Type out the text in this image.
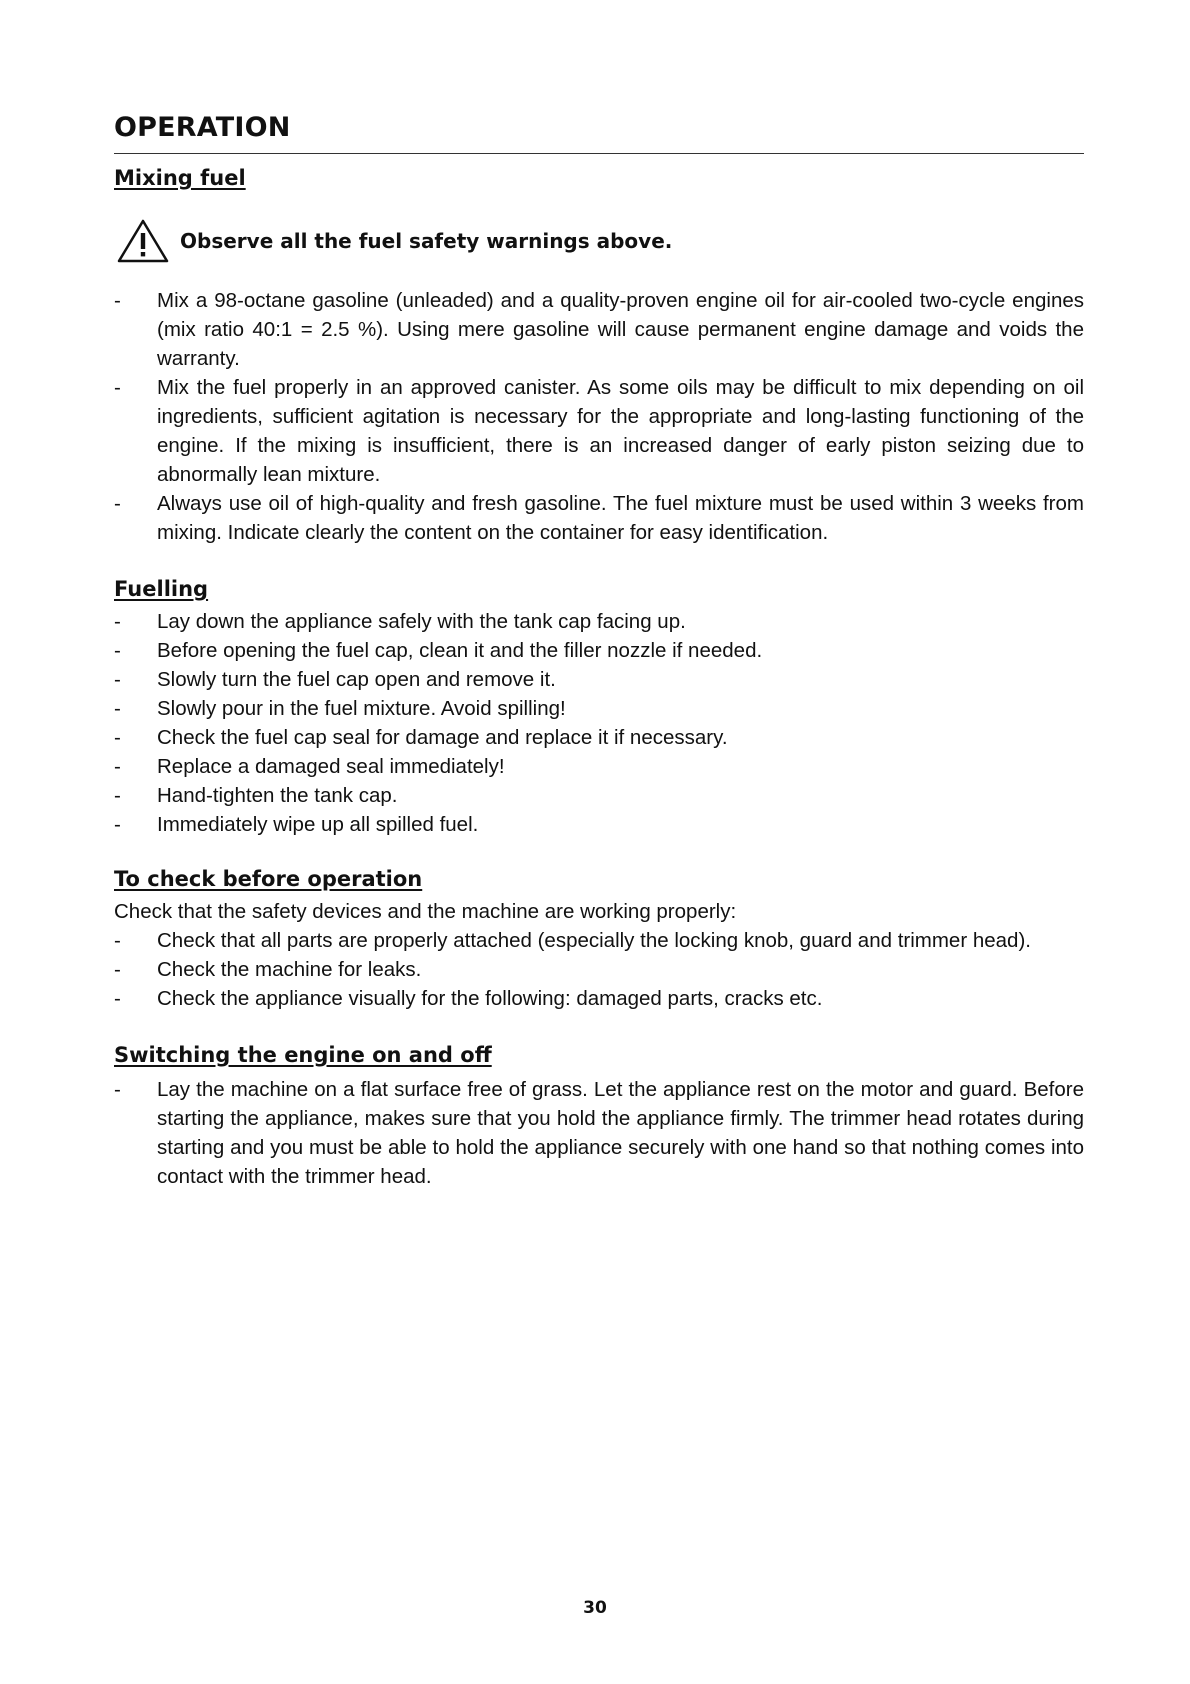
OPERATION
Mixing fuel
Observe all the fuel safety warnings above.
- Mix a 98-octane gasoline (unleaded) and a quality-proven engine oil for air-cooled two-cycle engines (mix ratio 40:1 = 2.5 %). Using mere gasoline will cause permanent engine damage and voids the warranty.
- Mix the fuel properly in an approved canister. As some oils may be difficult to mix depending on oil ingredients, sufficient agitation is necessary for the appropriate and long-lasting functioning of the engine. If the mixing is insufficient, there is an increased danger of early piston seizing due to abnormally lean mixture.
- Always use oil of high-quality and fresh gasoline. The fuel mixture must be used within 3 weeks from mixing. Indicate clearly the content on the container for easy identification.
Fuelling
- Lay down the appliance safely with the tank cap facing up.
- Before opening the fuel cap, clean it and the filler nozzle if needed.
- Slowly turn the fuel cap open and remove it.
- Slowly pour in the fuel mixture. Avoid spilling!
- Check the fuel cap seal for damage and replace it if necessary.
- Replace a damaged seal immediately!
- Hand-tighten the tank cap.
- Immediately wipe up all spilled fuel.
To check before operation

Check that the safety devices and the machine are working properly:

- Check that all parts are properly attached (especially the locking knob, guard and trimmer head).
- Check the machine for leaks.
- Check the appliance visually for the following: damaged parts, cracks etc.
Switching the engine on and off
- Lay the machine on a flat surface free of grass. Let the appliance rest on the motor and guard. Before starting the appliance, makes sure that you hold the appliance firmly. The trimmer head rotates during starting and you must be able to hold the appliance securely with one hand so that nothing comes into contact with the trimmer head.
30
